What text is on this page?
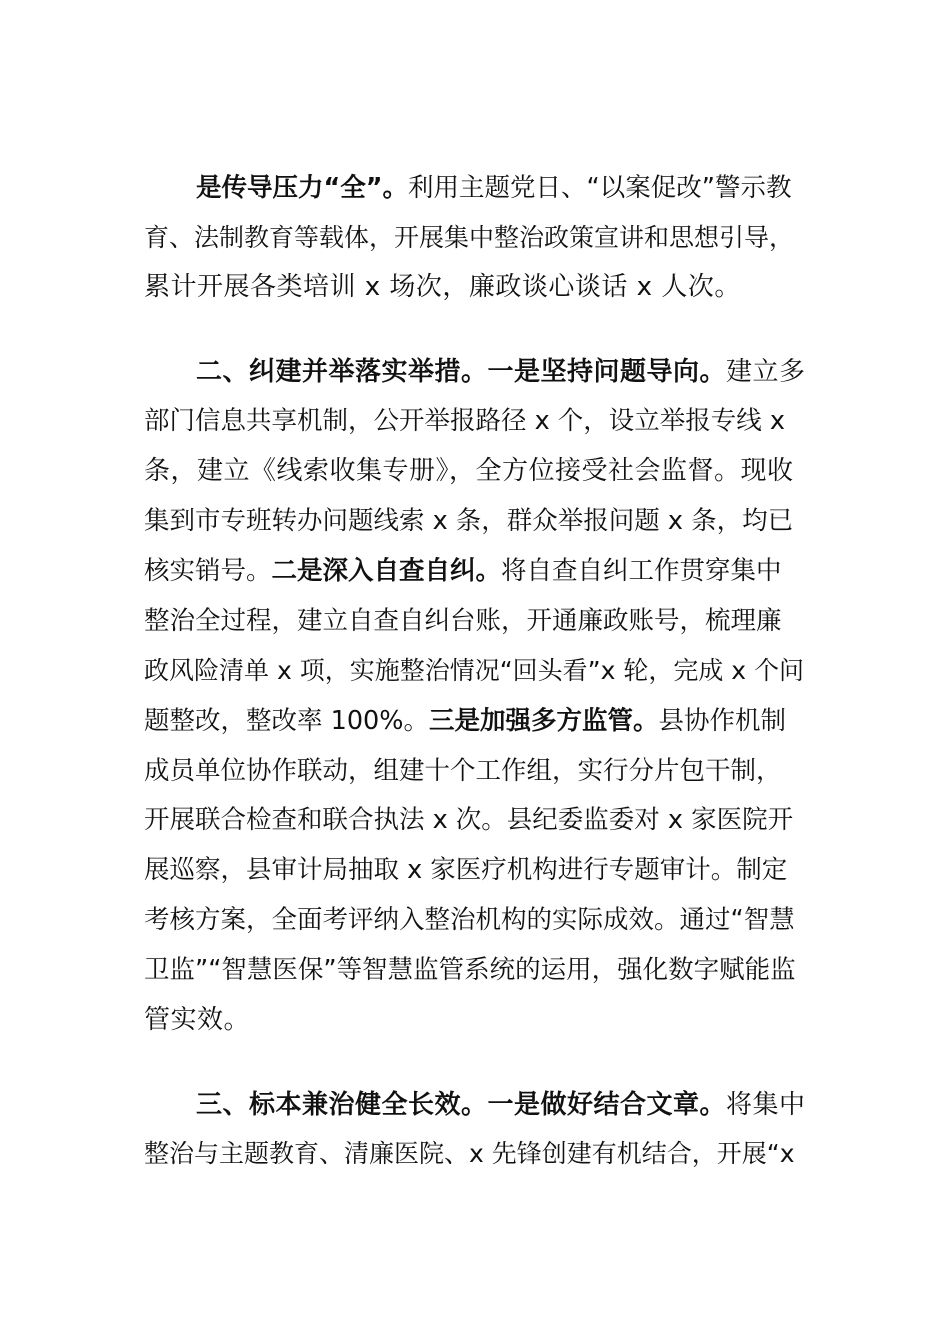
是传导压力“全”。利用主题党日、“以案促改”警示教
育、法制教育等载体，开展集中整治政策宣讲和思想引导，
累计开展各类培训 x 场次，廉政谈心谈话 x 人次。
二、纠建并举落实举措。一是坚持问题导向。建立多
部门信息共享机制，公开举报路径 x 个，设立举报专线 x
条，建立《线索收集专册》，全方位接受社会监督。现收
集到市专班转办问题线索 x 条，群众举报问题 x 条，均已
核实销号。二是深入自查自纠。将自查自纠工作贯穿集中
整治全过程，建立自查自纠台账，开通廉政账号，梳理廉
政风险清单 x 项，实施整治情况“回头看”x 轮，完成 x 个问
题整改，整改率 100%。三是加强多方监管。县协作机制
成员单位协作联动，组建十个工作组，实行分片包干制，
开展联合检查和联合执法 x 次。县纪委监委对 x 家医院开
展巡察，县审计局抽取 x 家医疗机构进行专题审计。制定
考核方案，全面考评纳入整治机构的实际成效。通过“智慧
卫监”“智慧医保”等智慧监管系统的运用，强化数字赋能监
管实效。
三、标本兼治健全长效。一是做好结合文章。将集中
整治与主题教育、清廉医院、x 先锋创建有机结合，开展“x
